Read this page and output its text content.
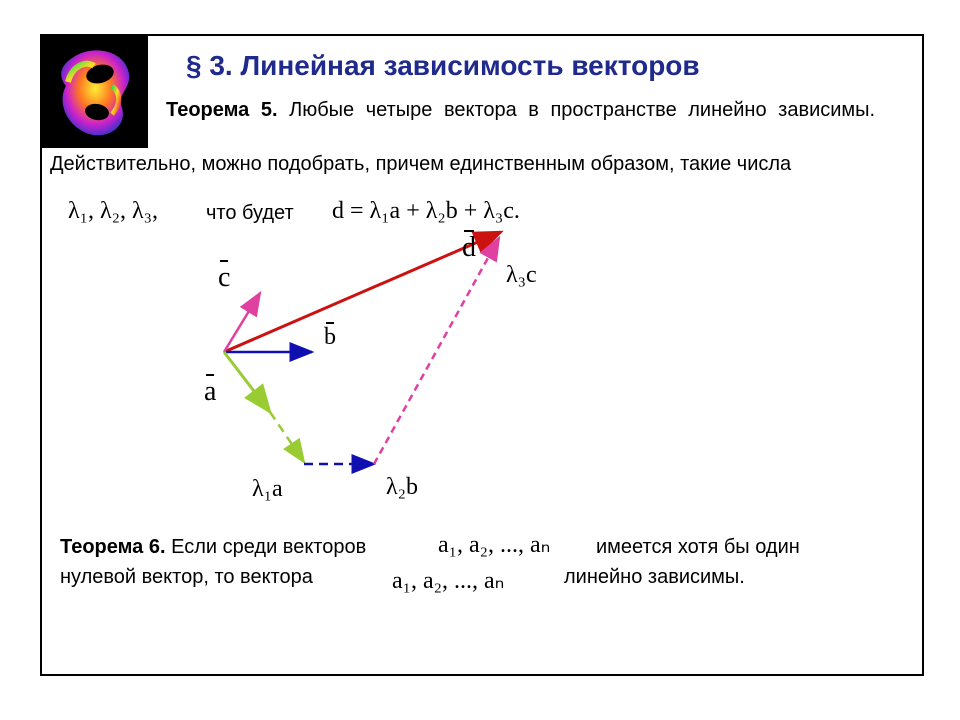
§ 3. Линейная зависимость векторов
Теорема 5. Любые четыре вектора в пространстве линейно зависимы.
Действительно, можно подобрать, причем единственным образом, такие числа
λ₁, λ₂, λ₃, что будет d = λ₁a + λ₂b + λ₃c.
c
b
a
d
λ₃c
λ₁a	λ₂b
Теорема 6. Если среди векторов	a₁, a₂, ..., aₙ имеется хотя бы один
нулевой вектор, то вектора	a₁, a₂, ..., aₙ	линейно зависимы.
